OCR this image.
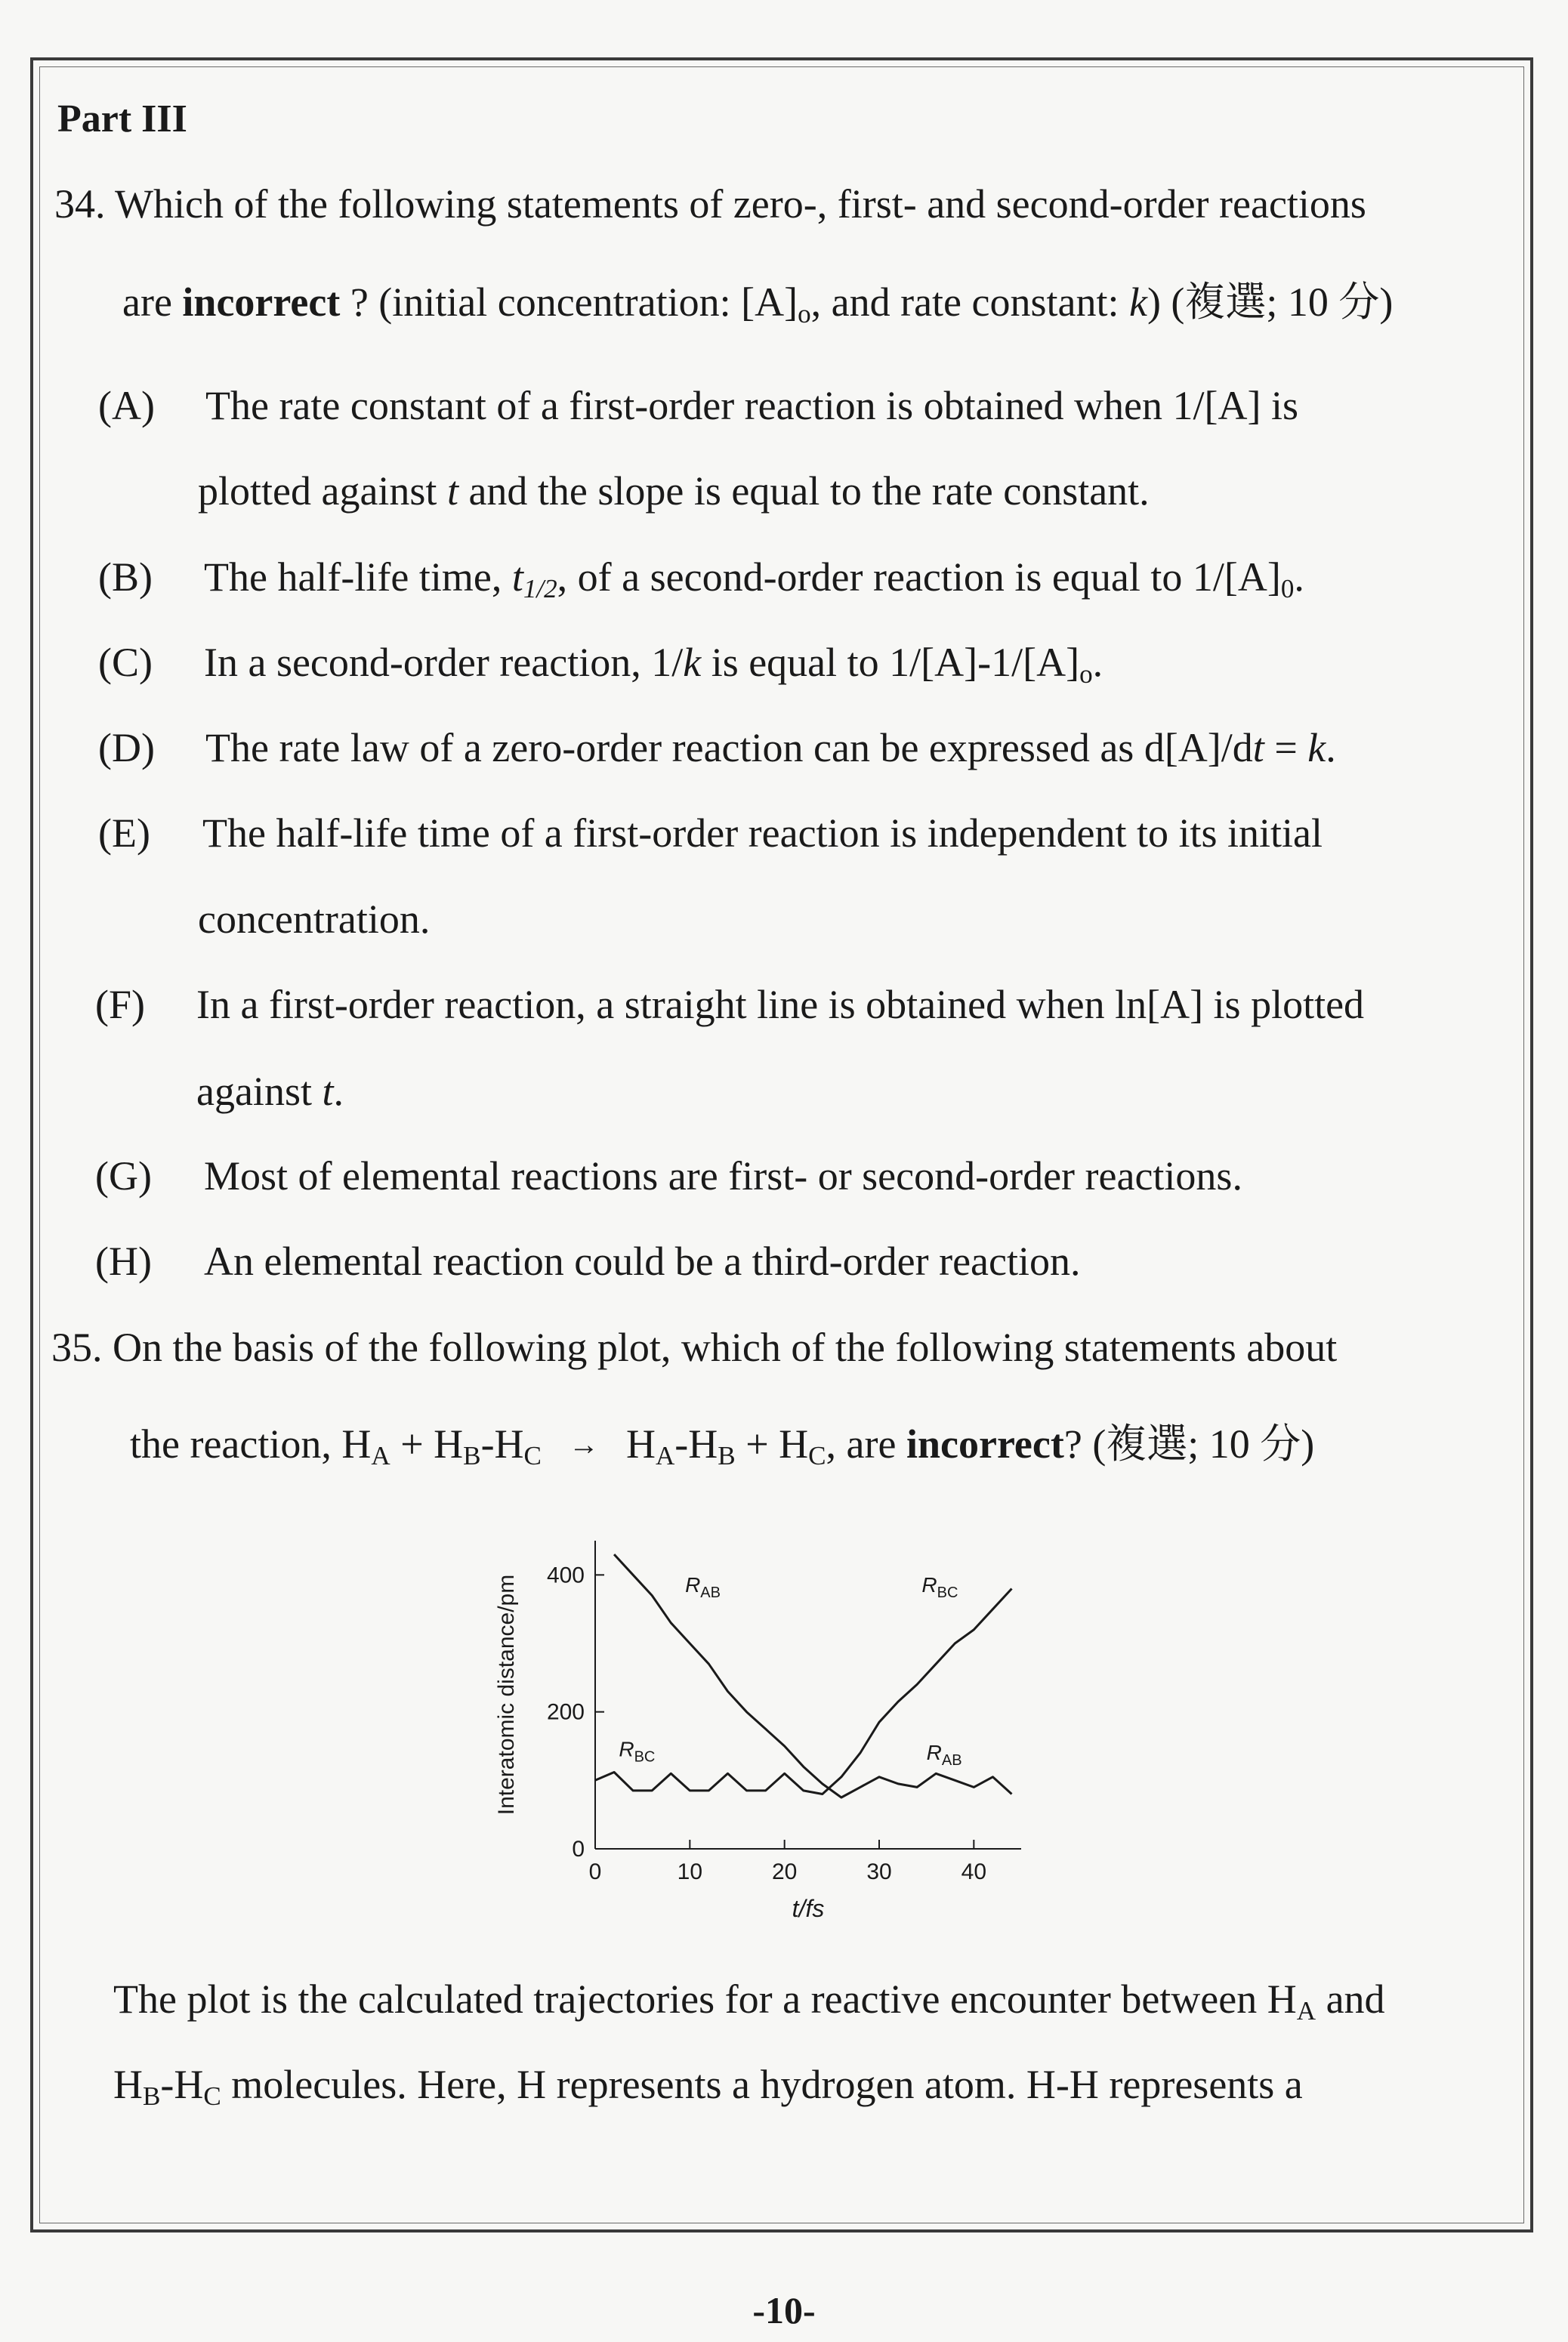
Part III
34. Which of the following statements of zero-, first- and second-order reactions
are incorrect ? (initial concentration: $[A]_o$, and rate constant: k) (複選; 10 分)
(A) The rate constant of a first-order reaction is obtained when 1/[A] is
plotted against t and the slope is equal to the rate constant.
(B) The half-life time, $t_{1/2}$, of a second-order reaction is equal to $1/[A]_0$.
(C) In a second-order reaction, 1/k is equal to $1/[A]-1/[A]_o$.
(D) The rate law of a zero-order reaction can be expressed as d[A]/dt = k.
(E) The half-life time of a first-order reaction is independent to its initial
concentration.
(F) In a first-order reaction, a straight line is obtained when ln[A] is plotted
against t.
(G) Most of elemental reactions are first- or second-order reactions.
(H) An elemental reaction could be a third-order reaction.
35. On the basis of the following plot, which of the following statements about
the reaction, $H_A + H_B-H_C \to H_A-H_B + H_C$, are incorrect? (複選; 10 分)
0	10	20	30	40
0
200
400
t/fs
Interatomic distance/pm	$R_{AB}$	$R_{BC}$
$R_{BC}$	$R_{AB}$
The plot is the calculated trajectories for a reactive encounter between $H_A$ and
$H_B-H_C$ molecules. Here, H represents a hydrogen atom. H-H represents a
-10-
